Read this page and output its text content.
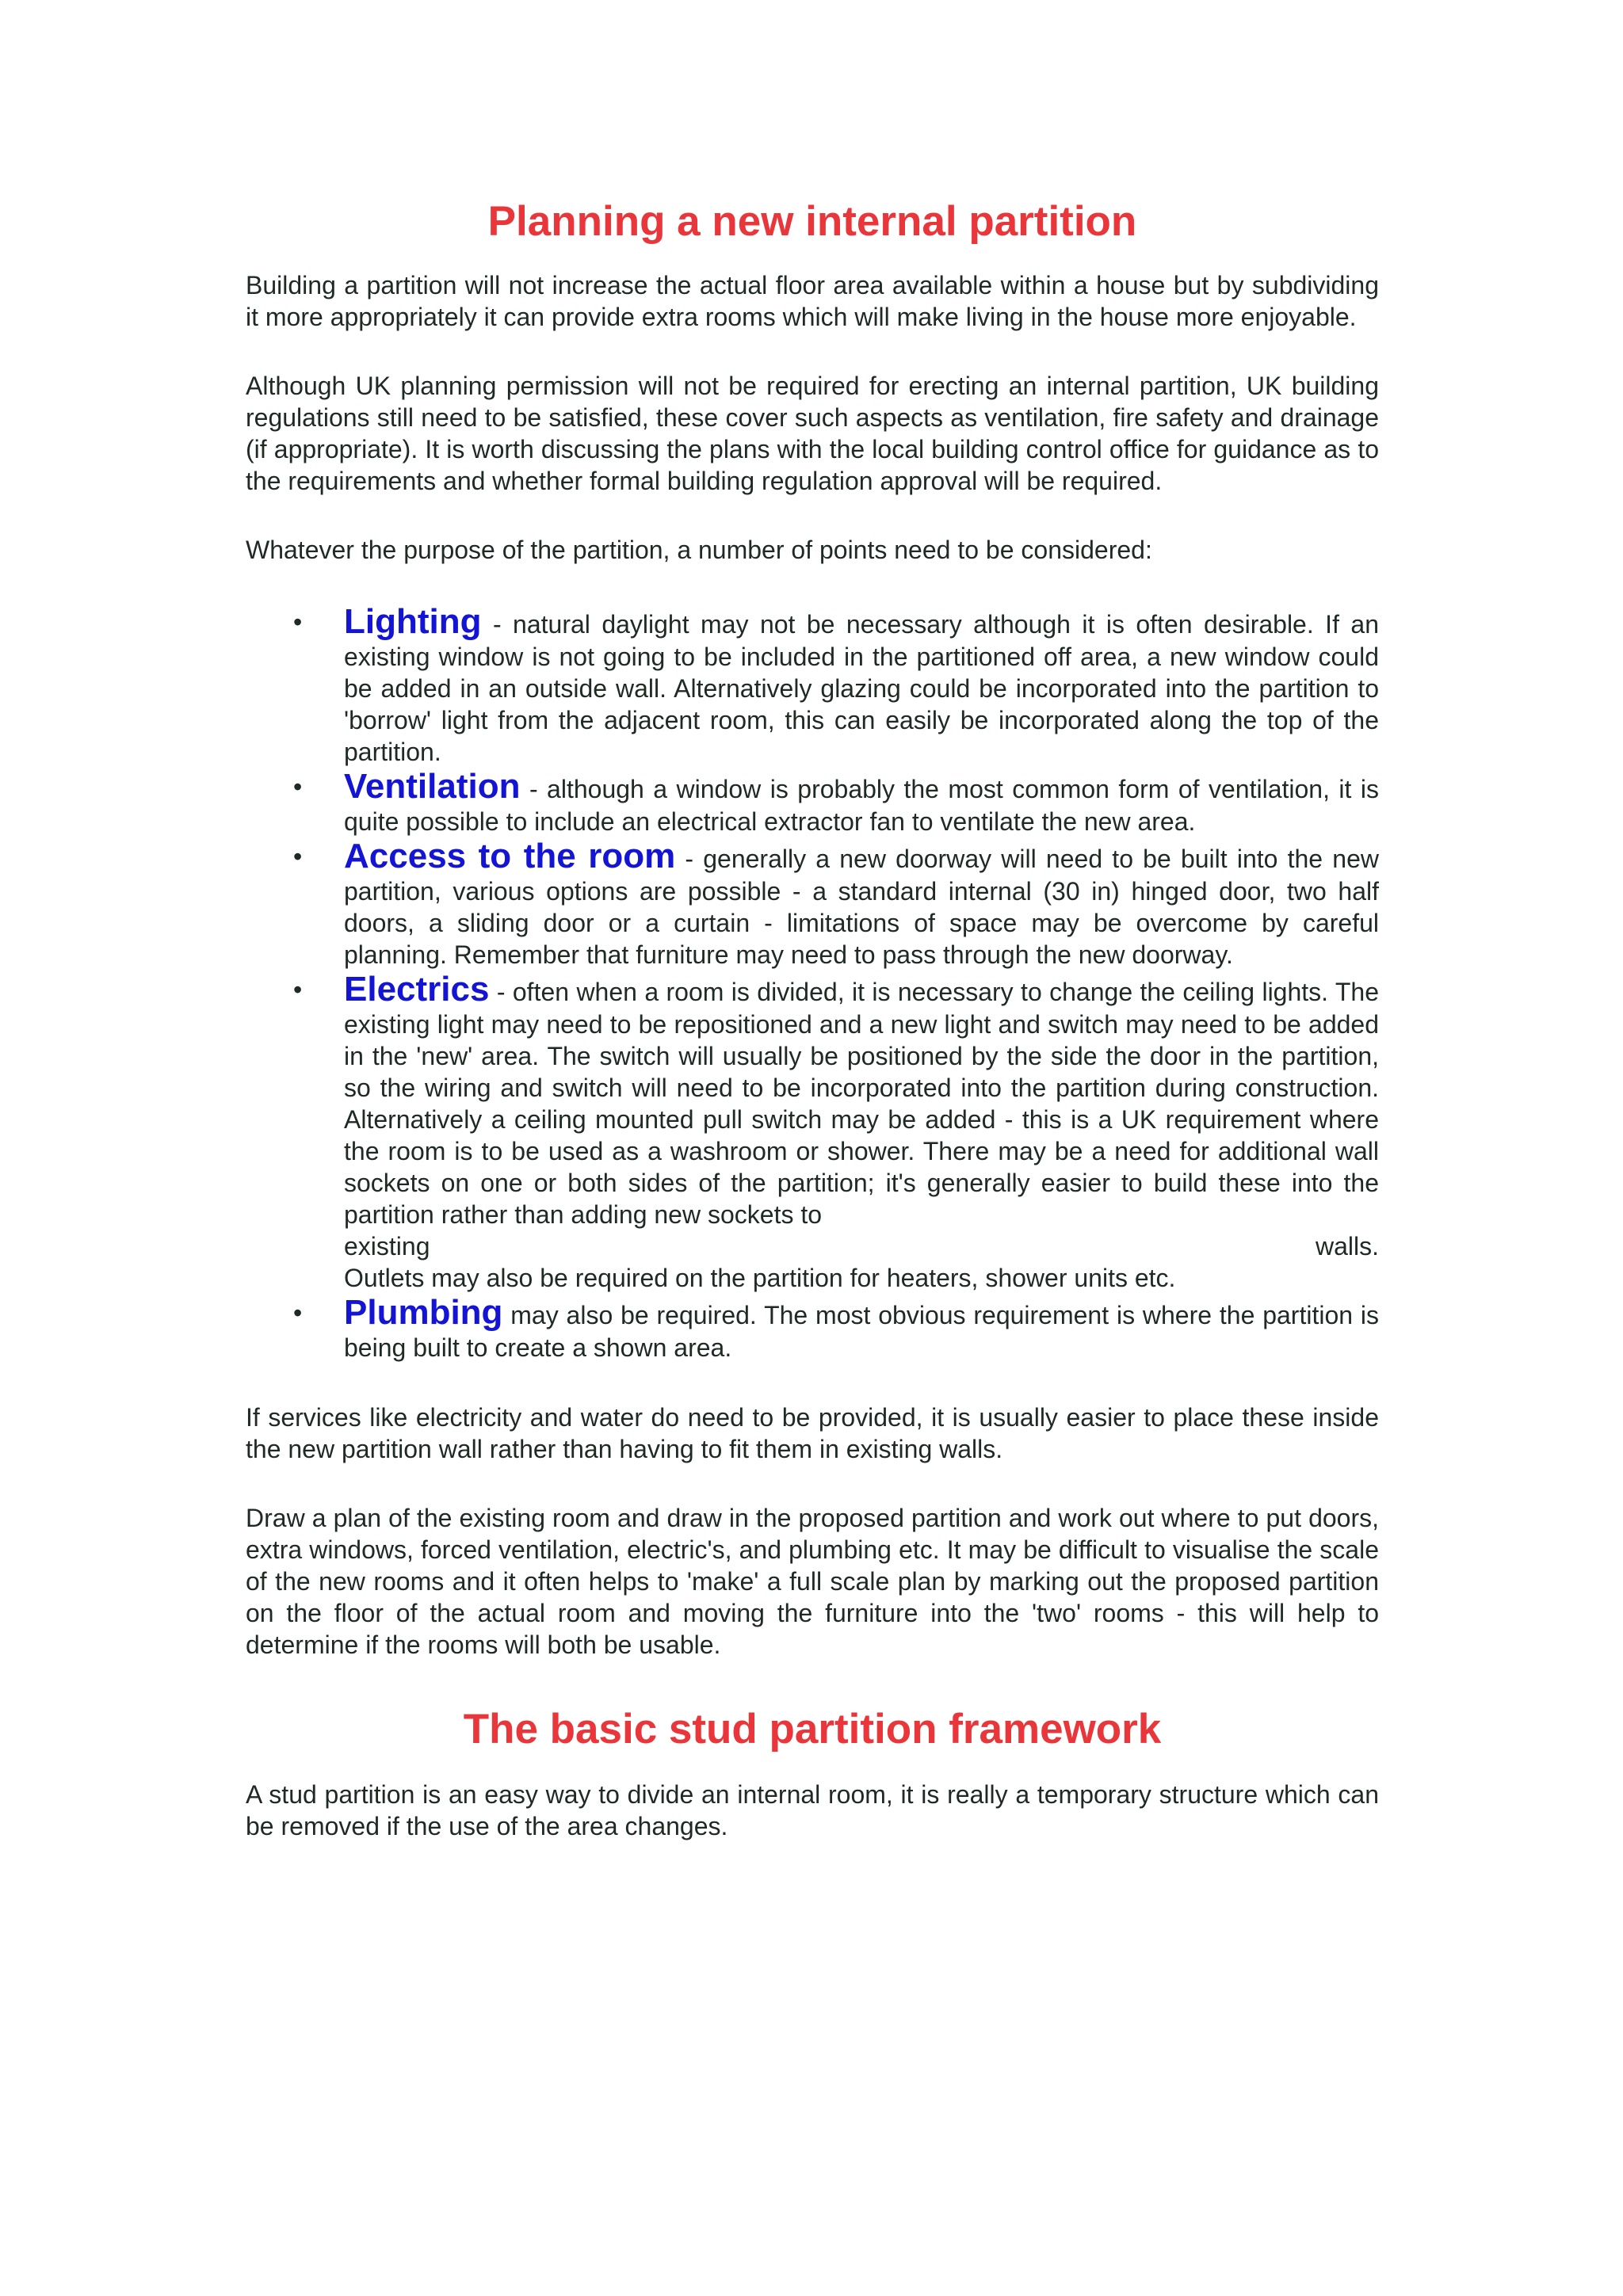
Planning a new internal partition

Building a partition will not increase the actual floor area available within a house but by subdividing it more appropriately it can provide extra rooms which will make living in the house more enjoyable.

Although UK planning permission will not be required for erecting an internal partition, UK building regulations still need to be satisfied, these cover such aspects as ventilation, fire safety and drainage (if appropriate). It is worth discussing the plans with the local building control office for guidance as to the requirements and whether formal building regulation approval will be required.

Whatever the purpose of the partition, a number of points need to be considered:

• Lighting - natural daylight may not be necessary although it is often desirable. If an existing window is not going to be included in the partitioned off area, a new window could be added in an outside wall. Alternatively glazing could be incorporated into the partition to 'borrow' light from the adjacent room, this can easily be incorporated along the top of the partition.
• Ventilation - although a window is probably the most common form of ventilation, it is quite possible to include an electrical extractor fan to ventilate the new area.
• Access to the room - generally a new doorway will need to be built into the new partition, various options are possible - a standard internal (30 in) hinged door, two half doors, a sliding door or a curtain - limitations of space may be overcome by careful planning. Remember that furniture may need to pass through the new doorway.
• Electrics - often when a room is divided, it is necessary to change the ceiling lights. The existing light may need to be repositioned and a new light and switch may need to be added in the 'new' area. The switch will usually be positioned by the side the door in the partition, so the wiring and switch will need to be incorporated into the partition during construction. Alternatively a ceiling mounted pull switch may be added - this is a UK requirement where the room is to be used as a washroom or shower. There may be a need for additional wall sockets on one or both sides of the partition; it's generally easier to build these into the partition rather than adding new sockets to
existing	walls.
Outlets may also be required on the partition for heaters, shower units etc.
• Plumbing may also be required. The most obvious requirement is where the partition is being built to create a shown area.

If services like electricity and water do need to be provided, it is usually easier to place these inside the new partition wall rather than having to fit them in existing walls.

Draw a plan of the existing room and draw in the proposed partition and work out where to put doors, extra windows, forced ventilation, electric's, and plumbing etc. It may be difficult to visualise the scale of the new rooms and it often helps to 'make' a full scale plan by marking out the proposed partition on the floor of the actual room and moving the furniture into the 'two' rooms - this will help to determine if the rooms will both be usable.

The basic stud partition framework

A stud partition is an easy way to divide an internal room, it is really a temporary structure which can be removed if the use of the area changes.
